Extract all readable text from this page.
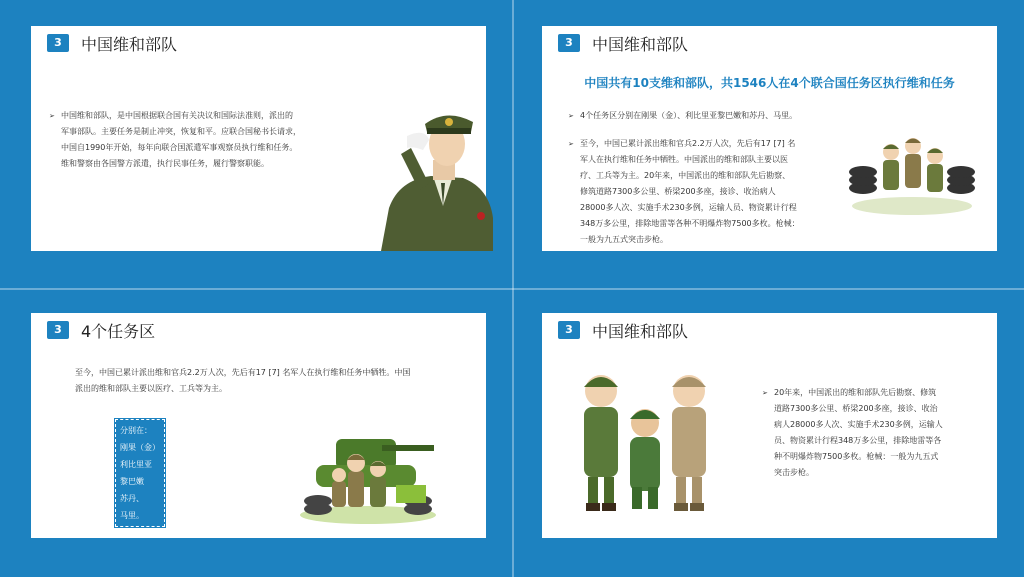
3	中国维和部队
➢ 中国维和部队，是中国根据联合国有关决议和国际法准则，派出的
军事部队。主要任务是制止冲突，恢复和平。应联合国秘书长请求，
中国自1990年开始，每年向联合国派遣军事观察员执行维和任务。
维和警察由各国警方派遣，执行民事任务，履行警察职能。
3	中国维和部队
中国共有10支维和部队，共1546人在4个联合国任务区执行维和任务
➢ 4个任务区分别在刚果（金）、利比里亚黎巴嫩和苏丹、马里。
➢ 至今，中国已累计派出维和官兵2.2万人次，先后有17 [7] 名
军人在执行维和任务中牺牲。中国派出的维和部队主要以医
疗、工兵等为主。20年来，中国派出的维和部队先后勘察、
修筑道路7300多公里、桥梁200多座，接诊、收治病人
28000多人次、实施手术230多例，运输人员、物资累计行程
348万多公里，排除地雷等各种不明爆炸物7500多枚。枪械：
一般为九五式突击步枪。
3	4个任务区
至今，中国已累计派出维和官兵2.2万人次，先后有17 [7] 名军人在执行维和任务中牺牲。中国
派出的维和部队主要以医疗、工兵等为主。
分别在：
刚果（金）
利比里亚
黎巴嫩
苏丹、
马里。
3	中国维和部队
➢ 20年来，中国派出的维和部队先后勘察、修筑
道路7300多公里、桥梁200多座，接诊、收治
病人28000多人次、实施手术230多例，运输人
员、物资累计行程348万多公里，排除地雷等各
种不明爆炸物7500多枚。枪械：一般为九五式
突击步枪。
